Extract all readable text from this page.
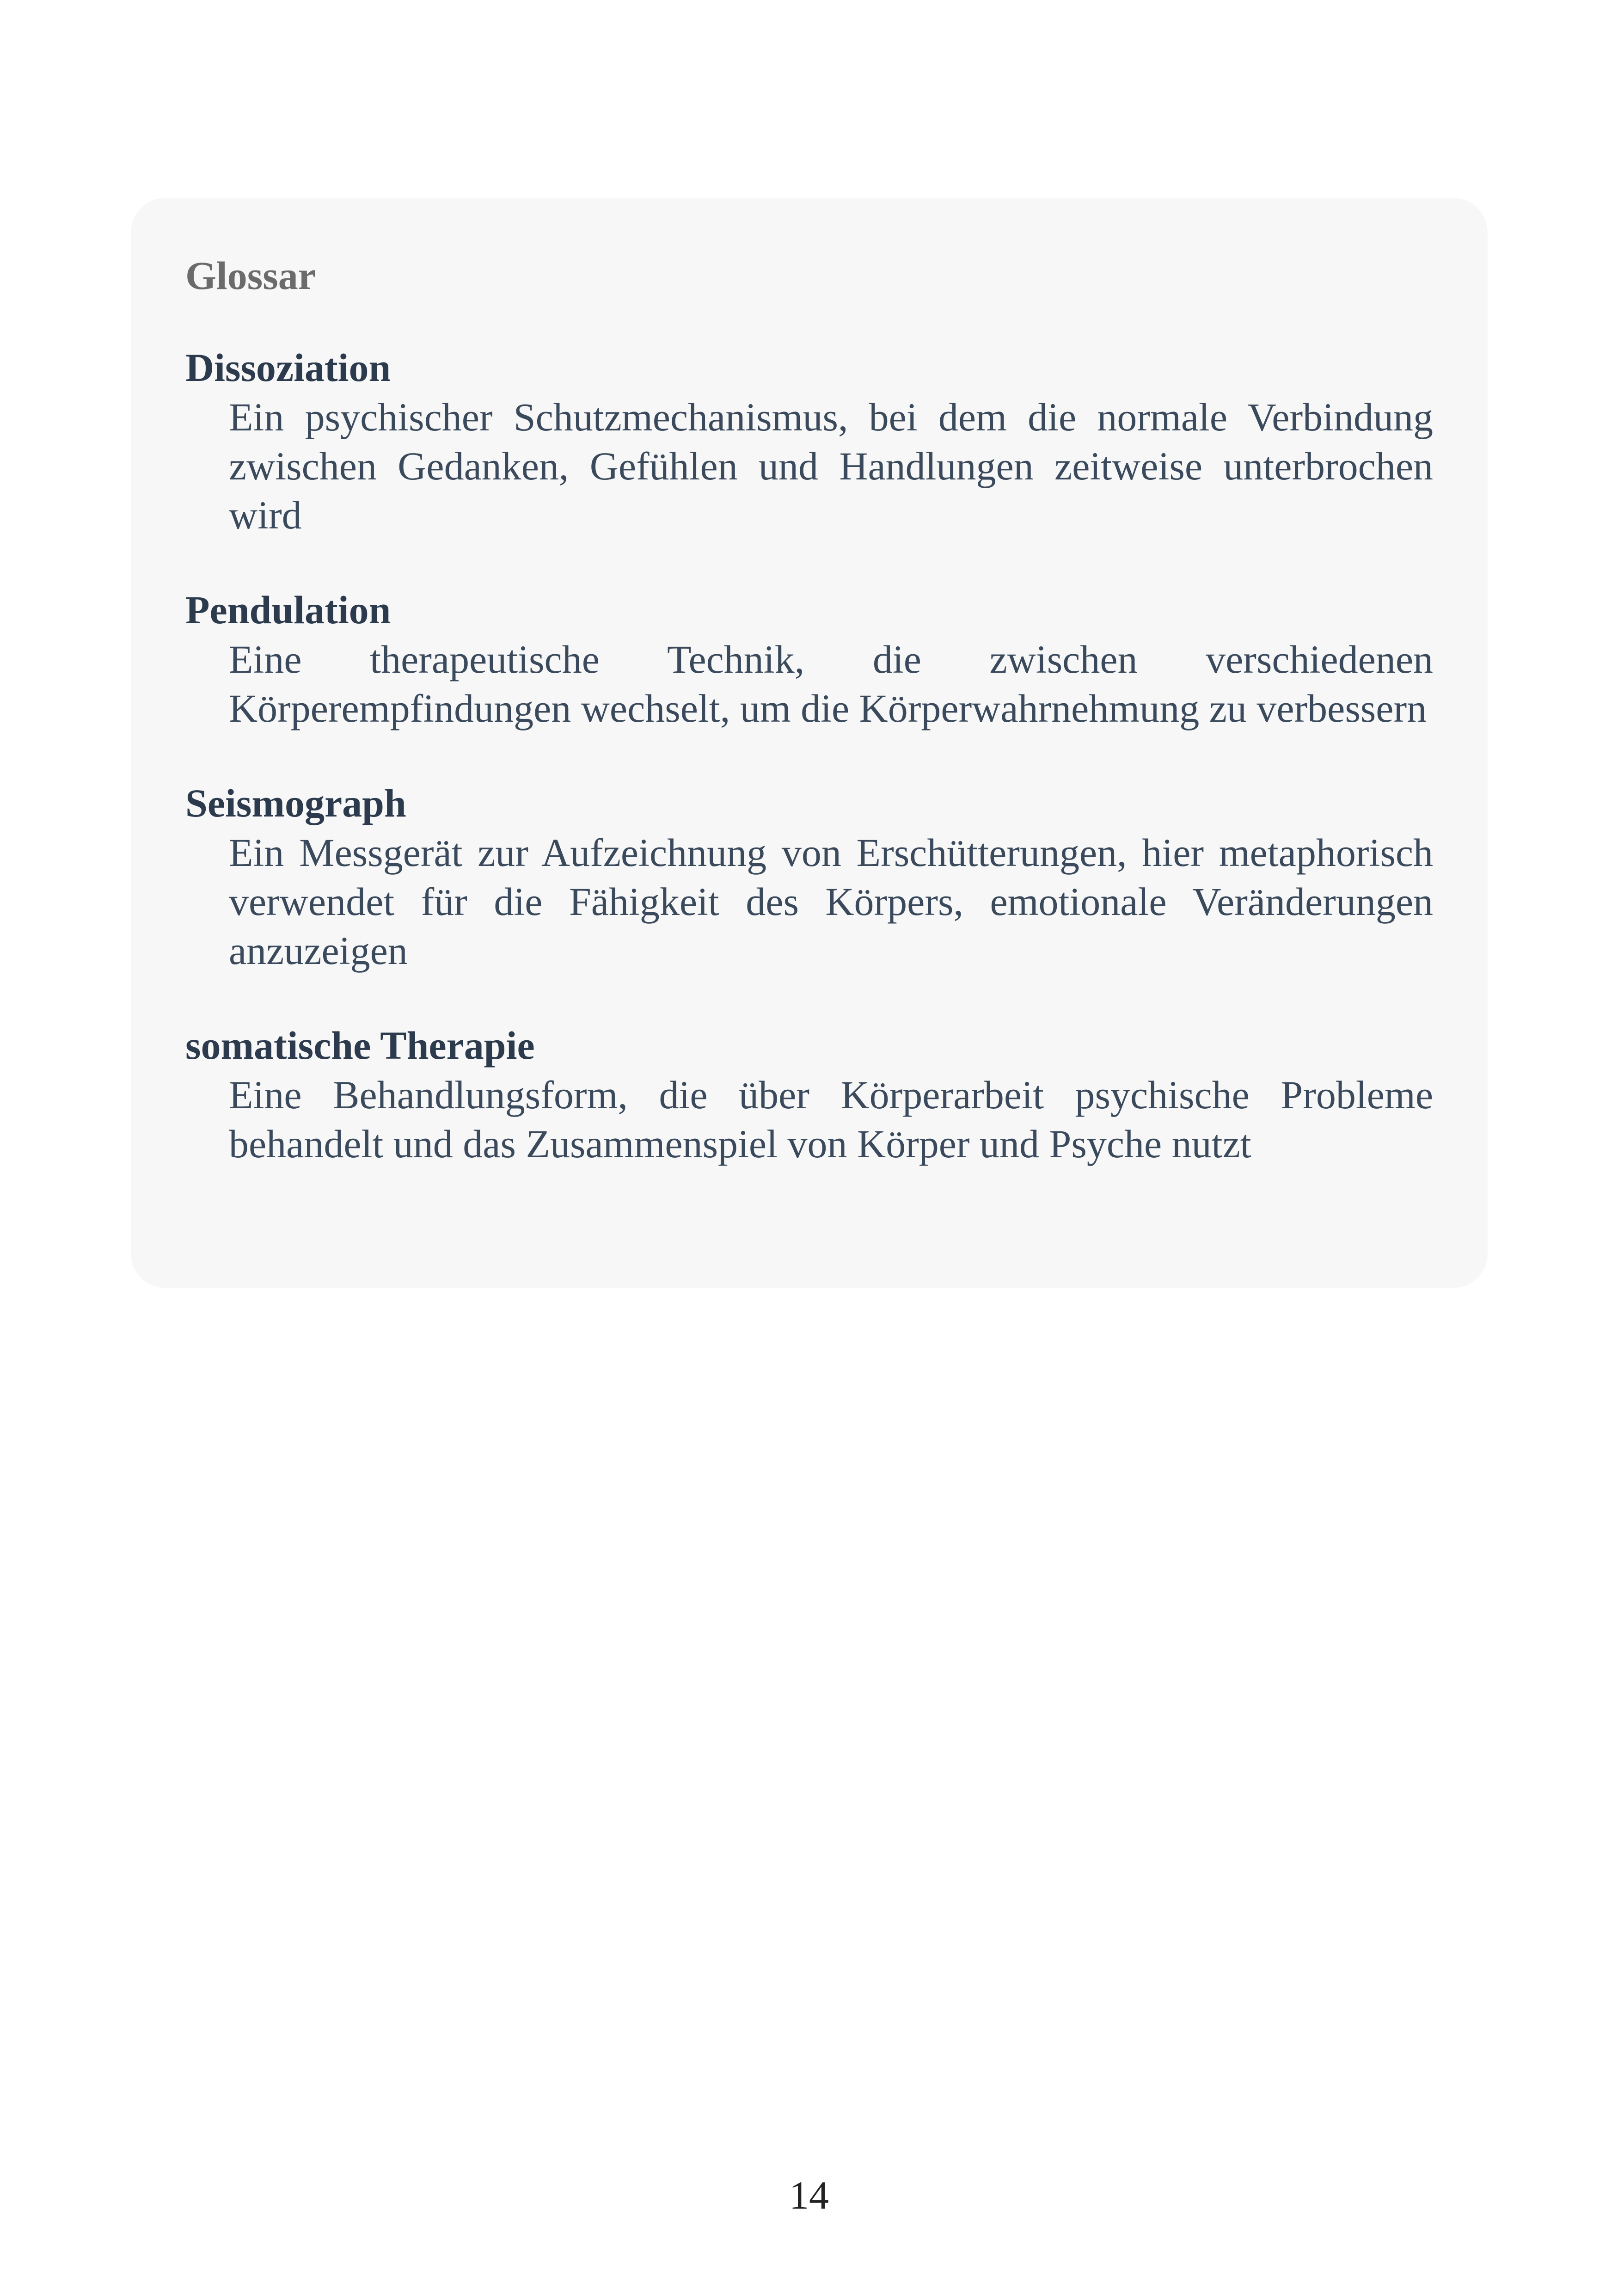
Glossar
Dissoziation
Ein psychischer Schutzmechanismus, bei dem die normale Verbindung zwischen Gedanken, Gefühlen und Handlungen zeitweise unterbrochen wird
Pendulation
Eine therapeutische Technik, die zwischen verschiedenen Körperempfindungen wechselt, um die Körperwahrnehmung zu verbessern
Seismograph
Ein Messgerät zur Aufzeichnung von Erschütterungen, hier metaphorisch verwendet für die Fähigkeit des Körpers, emotionale Veränderungen anzuzeigen
somatische Therapie
Eine Behandlungsform, die über Körperarbeit psychische Probleme behandelt und das Zusammenspiel von Körper und Psyche nutzt
14
